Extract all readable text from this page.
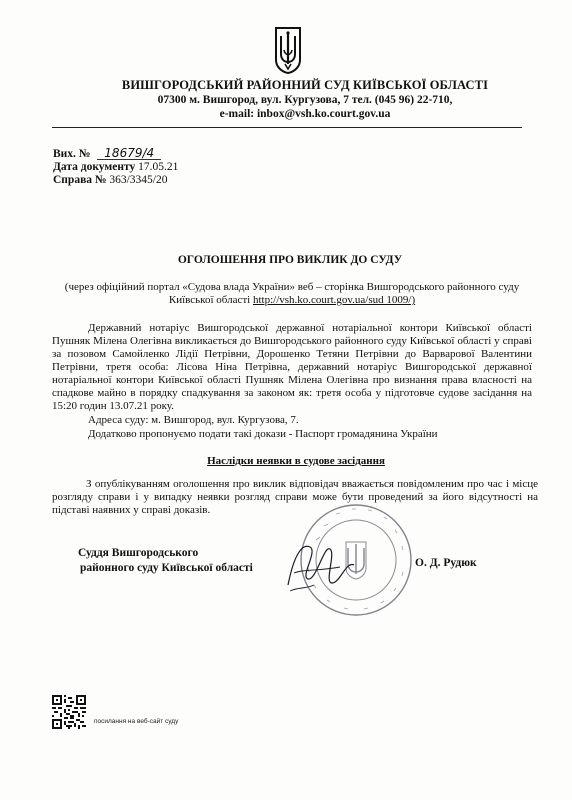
ВИШГОРОДСЬКИЙ РАЙОННИЙ СУД КИЇВСЬКОЇ ОБЛАСТІ
07300 м. Вишгород, вул. Кургузова, 7 тел. (045 96) 22-710,
e-mail: inbox@vsh.ko.court.gov.ua
Вих. № 18679/4
Дата документу 17.05.21
Справа № 363/3345/20
ОГОЛОШЕННЯ ПРО ВИКЛИК ДО СУДУ
(через офіційний портал «Судова влада України» веб – сторінка Вишгородського районного суду Київської області http://vsh.ko.court.gov.ua/sud 1009/)
Державний нотаріус Вишгородської державної нотаріальної контори Київської області Пушняк Мілена Олегівна викликається до Вишгородського районного суду Київської області у справі за позовом Самойленко Лідії Петрівни, Дорошенко Тетяни Петрівни до Варварової Валентини Петрівни, третя особа: Лісова Ніна Петрівна, державний нотаріус Вишгородської державної нотаріальної контори Київської області Пушняк Мілена Олегівна про визнання права власності на спадкове майно в порядку спадкування за законом як: третя особа у підготовче судове засідання на 15:20 годин 13.07.21 року.
Адреса суду: м. Вишгород, вул. Кургузова, 7.
Додатково пропонуємо подати такі докази - Паспорт громадянина України
Наслідки неявки в судове засідання
З опублікуванням оголошення про виклик відповідач вважається повідомленим про час і місце розгляду справи і у випадку неявки розгляд справи може бути проведений за його відсутності на підставі наявних у справі доказів.
Суддя Вишгородського
районного суду Київської області	О. Д. Рудюк
посилання на веб-сайт суду
